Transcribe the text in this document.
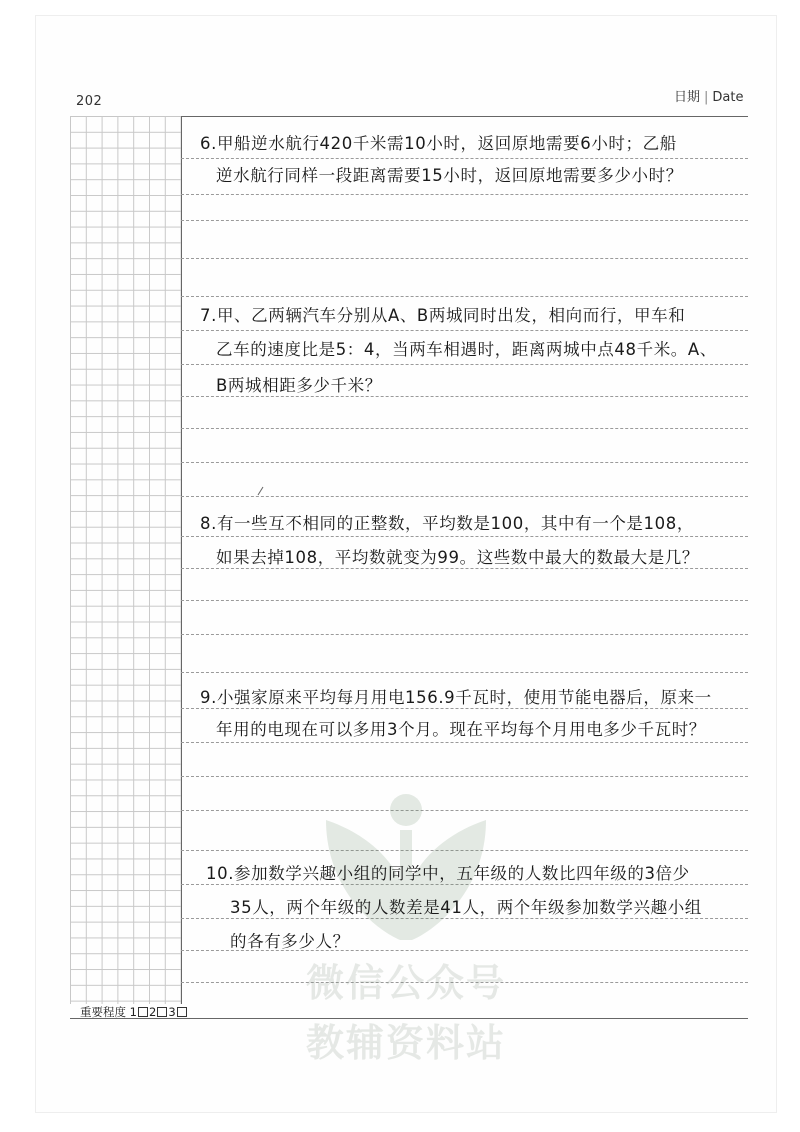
202	日期 | Date
6.甲船逆水航行420千米需10小时，返回原地需要6小时；乙船
逆水航行同样一段距离需要15小时，返回原地需要多少小时？
7.甲、乙两辆汽车分别从A、B两城同时出发，相向而行，甲车和
乙车的速度比是5：4，当两车相遇时，距离两城中点48千米。A、
B两城相距多少千米？
8.有一些互不相同的正整数，平均数是100，其中有一个是108，
如果去掉108，平均数就变为99。这些数中最大的数最大是几？
9.小强家原来平均每月用电156.9千瓦时，使用节能电器后，原来一
年用的电现在可以多用3个月。现在平均每个月用电多少千瓦时？
10.参加数学兴趣小组的同学中，五年级的人数比四年级的3倍少
35人，两个年级的人数差是41人，两个年级参加数学兴趣小组
的各有多少人？
重要程度 1 2 3
